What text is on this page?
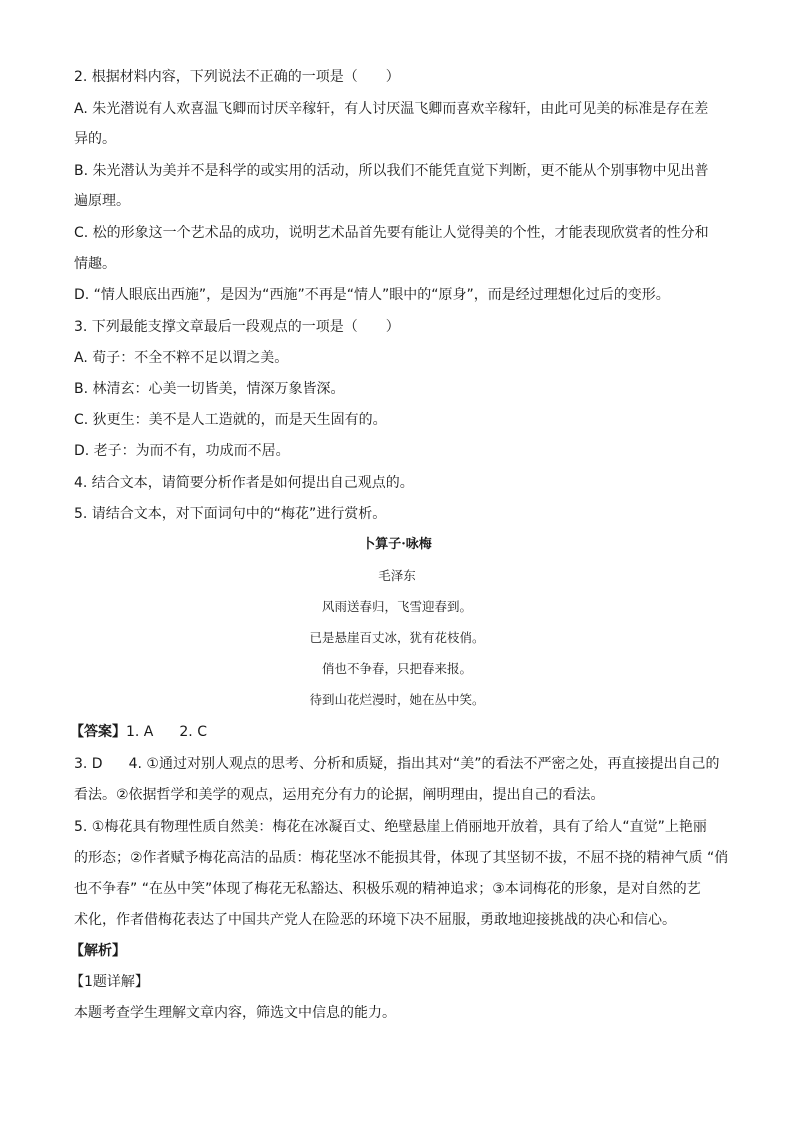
2. 根据材料内容，下列说法不正确的一项是（　　）
A. 朱光潜说有人欢喜温飞卿而讨厌辛稼轩，有人讨厌温飞卿而喜欢辛稼轩，由此可见美的标准是存在差
异的。
B. 朱光潜认为美并不是科学的或实用的活动，所以我们不能凭直觉下判断，更不能从个别事物中见出普
遍原理。
C. 松的形象这一个艺术品的成功，说明艺术品首先要有能让人觉得美的个性，才能表现欣赏者的性分和
情趣。
D. “情人眼底出西施”，是因为“西施”不再是“情人”眼中的“原身”，而是经过理想化过后的变形。
3. 下列最能支撑文章最后一段观点的一项是（　　）
A. 荀子：不全不粹不足以谓之美。
B. 林清玄：心美一切皆美，情深万象皆深。
C. 狄更生：美不是人工造就的，而是天生固有的。
D. 老子：为而不有，功成而不居。
4. 结合文本，请简要分析作者是如何提出自己观点的。
5. 请结合文本，对下面词句中的“梅花”进行赏析。
卜算子·咏梅
毛泽东
风雨送春归，飞雪迎春到。
已是悬崖百丈冰，犹有花枝俏。
俏也不争春，只把春来报。
待到山花烂漫时，她在丛中笑。
【答案】1. A 2. C
3. D 4. ①通过对别人观点的思考、分析和质疑，指出其对“美”的看法不严密之处，再直接提出自己的
看法。②依据哲学和美学的观点，运用充分有力的论据，阐明理由，提出自己的看法。
5. ①梅花具有物理性质自然美：梅花在冰凝百丈、绝壁悬崖上俏丽地开放着，具有了给人“直觉”上艳丽
的形态；②作者赋予梅花高洁的品质：梅花坚冰不能损其骨，体现了其坚韧不拔，不屈不挠的精神气质 “俏
也不争春” “在丛中笑”体现了梅花无私豁达、积极乐观的精神追求；③本词梅花的形象，是对自然的艺
术化，作者借梅花表达了中国共产党人在险恶的环境下决不屈服，勇敢地迎接挑战的决心和信心。
【解析】
【1题详解】
本题考查学生理解文章内容，筛选文中信息的能力。
